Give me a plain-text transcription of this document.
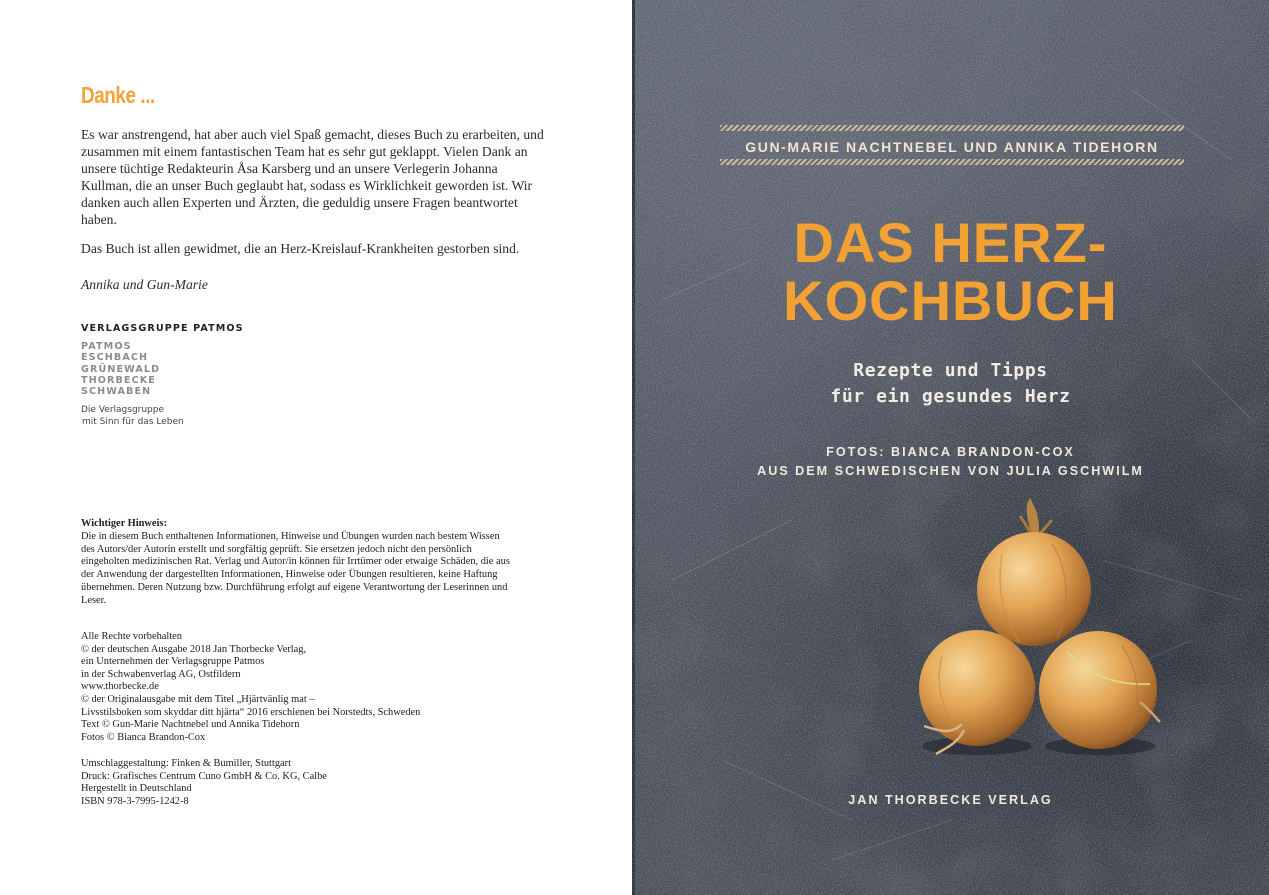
Danke ...

Es war anstrengend, hat aber auch viel Spaß gemacht, dieses Buch zu erarbeiten, und zusammen mit einem fantastischen Team hat es sehr gut geklappt. Vielen Dank an unsere tüchtige Redakteurin Åsa Karsberg und an unsere Verlegerin Johanna Kullman, die an unser Buch geglaubt hat, sodass es Wirklichkeit geworden ist. Wir danken auch allen Experten und Ärzten, die geduldig unsere Fragen beantwortet haben.

Das Buch ist allen gewidmet, die an Herz-Kreislauf-Krankheiten gestorben sind.

Annika und Gun-Marie
VERLAGSGRUPPE PATMOS
PATMOS
ESCHBACH
GRÜNEWALD
THORBECKE
SCHWABEN
Die Verlagsgruppe
mit Sinn für das Leben
Wichtiger Hinweis:
Die in diesem Buch enthaltenen Informationen, Hinweise und Übungen wurden nach bestem Wissen des Autors/der Autorin erstellt und sorgfältig geprüft. Sie ersetzen jedoch nicht den persönlich eingeholten medizinischen Rat. Verlag und Autor/in können für Irrtümer oder etwaige Schäden, die aus der Anwendung der dargestellten Informationen, Hinweise oder Übungen resultieren, keine Haftung übernehmen. Deren Nutzung bzw. Durchführung erfolgt auf eigene Verantwortung der Leserinnen und Leser.
Alle Rechte vorbehalten
© der deutschen Ausgabe 2018 Jan Thorbecke Verlag,
ein Unternehmen der Verlagsgruppe Patmos
in der Schwabenverlag AG, Ostfildern
www.thorbecke.de
© der Originalausgabe mit dem Titel „Hjärtvänlig mat –
Livsstilsboken som skyddar ditt hjärta“ 2016 erschienen bei Norstedts, Schweden
Text © Gun-Marie Nachtnebel und Annika Tidehorn
Fotos © Bianca Brandon-Cox
Umschlaggestaltung: Finken & Bumiller, Stuttgart
Druck: Grafisches Centrum Cuno GmbH & Co. KG, Calbe
Hergestellt in Deutschland
ISBN 978-3-7995-1242-8
GUN-MARIE NACHTNEBEL UND ANNIKA TIDEHORN
DAS HERZ-
KOCHBUCH
Rezepte und Tipps
für ein gesundes Herz
FOTOS: BIANCA BRANDON-COX
AUS DEM SCHWEDISCHEN VON JULIA GSCHWILM
JAN THORBECKE VERLAG
